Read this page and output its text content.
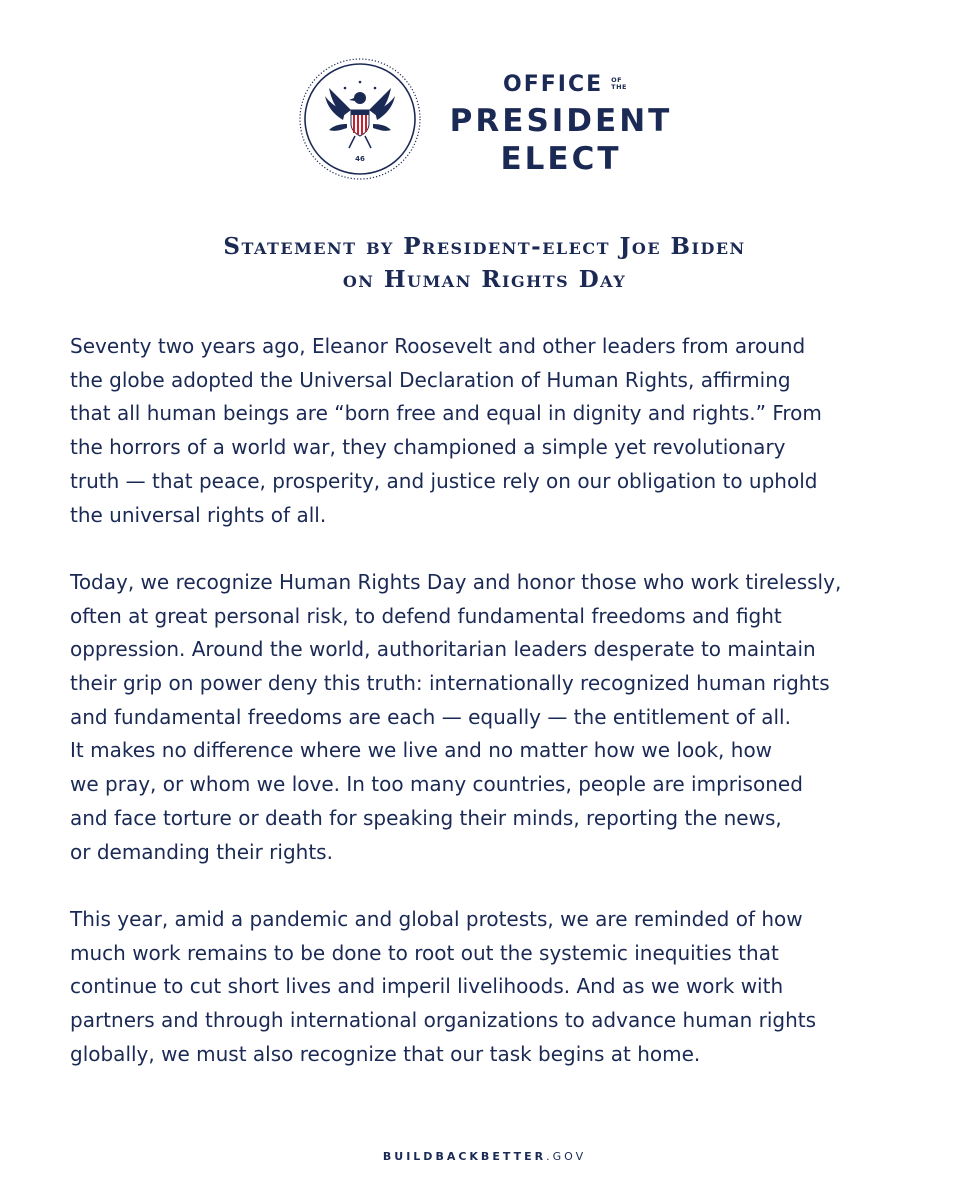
46
OFFICE OF
THE
PRESIDENT
ELECT
Statement by President-elect Joe Biden
on Human Rights Day

Seventy two years ago, Eleanor Roosevelt and other leaders from around
the globe adopted the Universal Declaration of Human Rights, affirming
that all human beings are “born free and equal in dignity and rights.” From
the horrors of a world war, they championed a simple yet revolutionary
truth — that peace, prosperity, and justice rely on our obligation to uphold
the universal rights of all.

Today, we recognize Human Rights Day and honor those who work tirelessly,
often at great personal risk, to defend fundamental freedoms and fight
oppression. Around the world, authoritarian leaders desperate to maintain
their grip on power deny this truth: internationally recognized human rights
and fundamental freedoms are each — equally — the entitlement of all.
It makes no difference where we live and no matter how we look, how
we pray, or whom we love. In too many countries, people are imprisoned
and face torture or death for speaking their minds, reporting the news,
or demanding their rights.

This year, amid a pandemic and global protests, we are reminded of how
much work remains to be done to root out the systemic inequities that
continue to cut short lives and imperil livelihoods. And as we work with
partners and through international organizations to advance human rights
globally, we must also recognize that our task begins at home.

BUILDBACKBETTER.GOV
